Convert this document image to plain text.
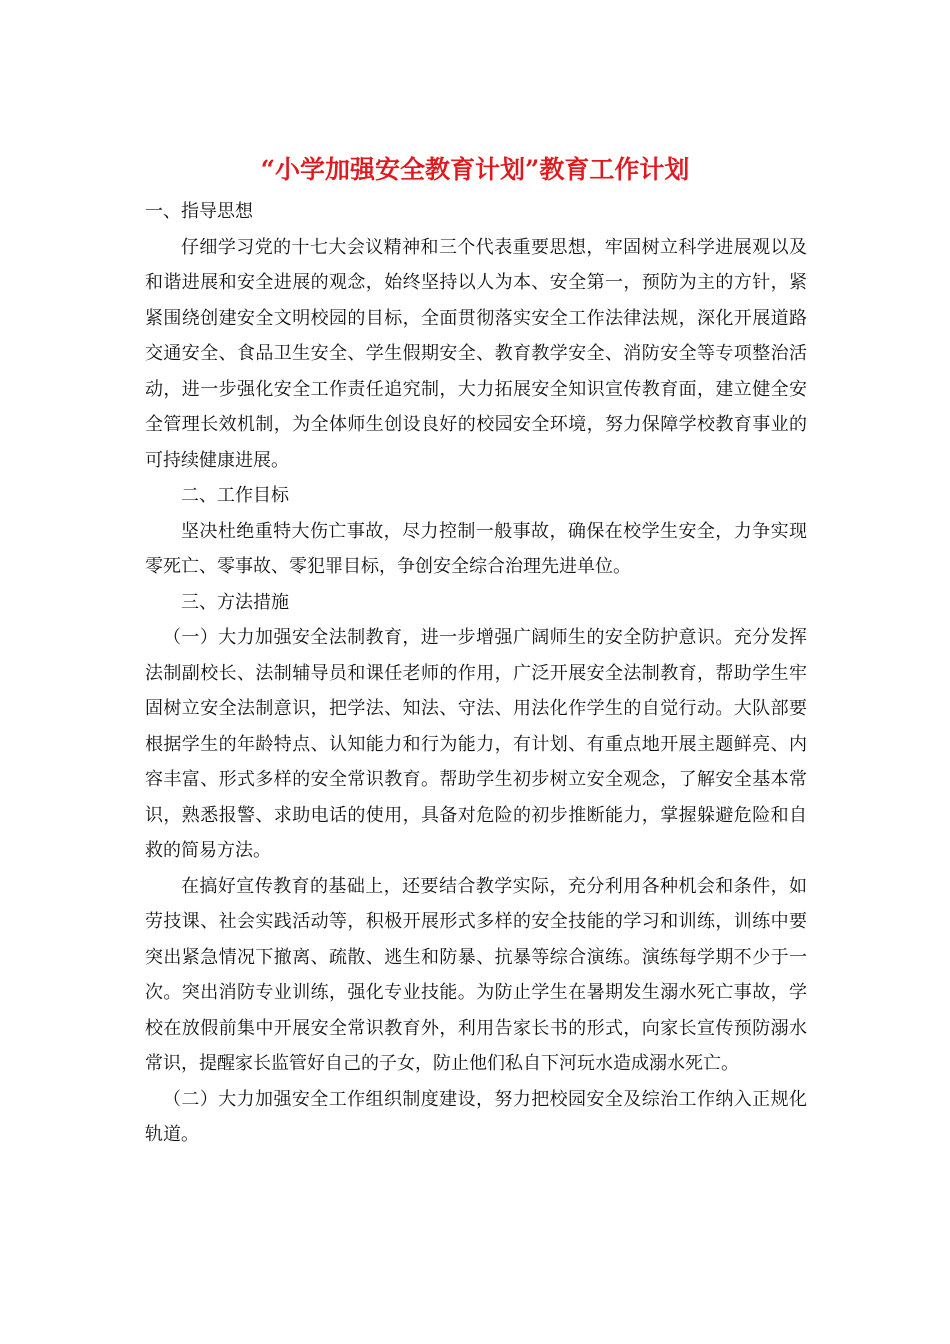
“小学加强安全教育计划”教育工作计划

一、指导思想

仔细学习党的十七大会议精神和三个代表重要思想，牢固树立科学进展观以及和谐进展和安全进展的观念，始终坚持以人为本、安全第一，预防为主的方针，紧紧围绕创建安全文明校园的目标，全面贯彻落实安全工作法律法规，深化开展道路交通安全、食品卫生安全、学生假期安全、教育教学安全、消防安全等专项整治活动，进一步强化安全工作责任追究制，大力拓展安全知识宣传教育面，建立健全安全管理长效机制，为全体师生创设良好的校园安全环境，努力保障学校教育事业的可持续健康进展。

二、工作目标

坚决杜绝重特大伤亡事故，尽力控制一般事故，确保在校学生安全，力争实现零死亡、零事故、零犯罪目标，争创安全综合治理先进单位。

三、方法措施

（一）大力加强安全法制教育，进一步增强广阔师生的安全防护意识。充分发挥法制副校长、法制辅导员和课任老师的作用，广泛开展安全法制教育，帮助学生牢固树立安全法制意识，把学法、知法、守法、用法化作学生的自觉行动。大队部要根据学生的年龄特点、认知能力和行为能力，有计划、有重点地开展主题鲜亮、内容丰富、形式多样的安全常识教育。帮助学生初步树立安全观念，了解安全基本常识，熟悉报警、求助电话的使用，具备对危险的初步推断能力，掌握躲避危险和自救的简易方法。

在搞好宣传教育的基础上，还要结合教学实际，充分利用各种机会和条件，如劳技课、社会实践活动等，积极开展形式多样的安全技能的学习和训练，训练中要突出紧急情况下撤离、疏散、逃生和防暴、抗暴等综合演练。演练每学期不少于一次。突出消防专业训练，强化专业技能。为防止学生在暑期发生溺水死亡事故，学校在放假前集中开展安全常识教育外，利用告家长书的形式，向家长宣传预防溺水常识，提醒家长监管好自己的子女，防止他们私自下河玩水造成溺水死亡。

（二）大力加强安全工作组织制度建设，努力把校园安全及综治工作纳入正规化轨道。
